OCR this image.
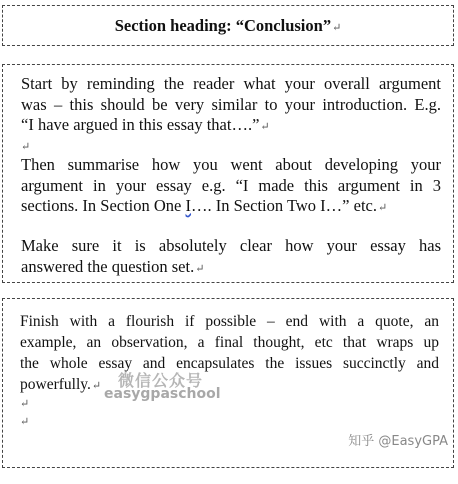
Section heading: “Conclusion”↵
Start by reminding the reader what your overall argument
was – this should be very similar to your introduction. E.g.
“I have argued in this essay that….”↵
↵
Then summarise how you went about developing your
argument in your essay e.g. “I made this argument in 3
sections. In Section One I…. In Section Two I…” etc.↵
Make sure it is absolutely clear how your essay has
answered the question set.↵
Finish with a flourish if possible – end with a quote, an
example, an observation, a final thought, etc that wraps up
the whole essay and encapsulates the issues succinctly and
powerfully.↵
↵
↵
微信公众号
easygpaschool
知乎 @EasyGPA
